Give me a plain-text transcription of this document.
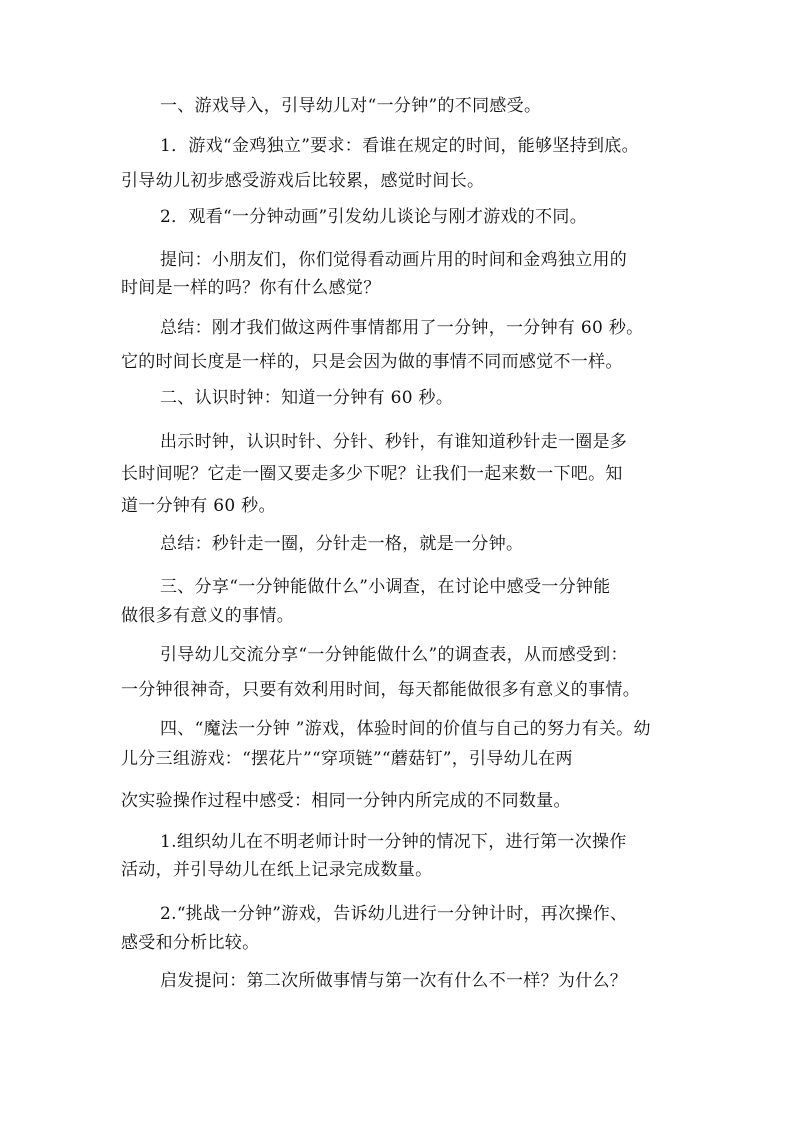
一、游戏导入，引导幼儿对“一分钟”的不同感受。
1．游戏“金鸡独立”要求：看谁在规定的时间，能够坚持到底。
引导幼儿初步感受游戏后比较累，感觉时间长。
2．观看“一分钟动画”引发幼儿谈论与刚才游戏的不同。
提问：小朋友们，你们觉得看动画片用的时间和金鸡独立用的
时间是一样的吗？你有什么感觉？
总结：刚才我们做这两件事情都用了一分钟，一分钟有 60 秒。
它的时间长度是一样的，只是会因为做的事情不同而感觉不一样。
二、认识时钟：知道一分钟有 60 秒。
出示时钟，认识时针、分针、秒针，有谁知道秒针走一圈是多
长时间呢？它走一圈又要走多少下呢？让我们一起来数一下吧。知
道一分钟有 60 秒。
总结：秒针走一圈，分针走一格，就是一分钟。
三、分享“一分钟能做什么”小调查，在讨论中感受一分钟能
做很多有意义的事情。
引导幼儿交流分享“一分钟能做什么”的调查表，从而感受到：
一分钟很神奇，只要有效利用时间，每天都能做很多有意义的事情。
四、“魔法一分钟 ”游戏，体验时间的价值与自己的努力有关。幼
儿分三组游戏：“摆花片”“穿项链”“蘑菇钉”，引导幼儿在两
次实验操作过程中感受：相同一分钟内所完成的不同数量。
1.组织幼儿在不明老师计时一分钟的情况下，进行第一次操作
活动，并引导幼儿在纸上记录完成数量。
2.“挑战一分钟”游戏，告诉幼儿进行一分钟计时，再次操作、
感受和分析比较。
启发提问：第二次所做事情与第一次有什么不一样？为什么？
